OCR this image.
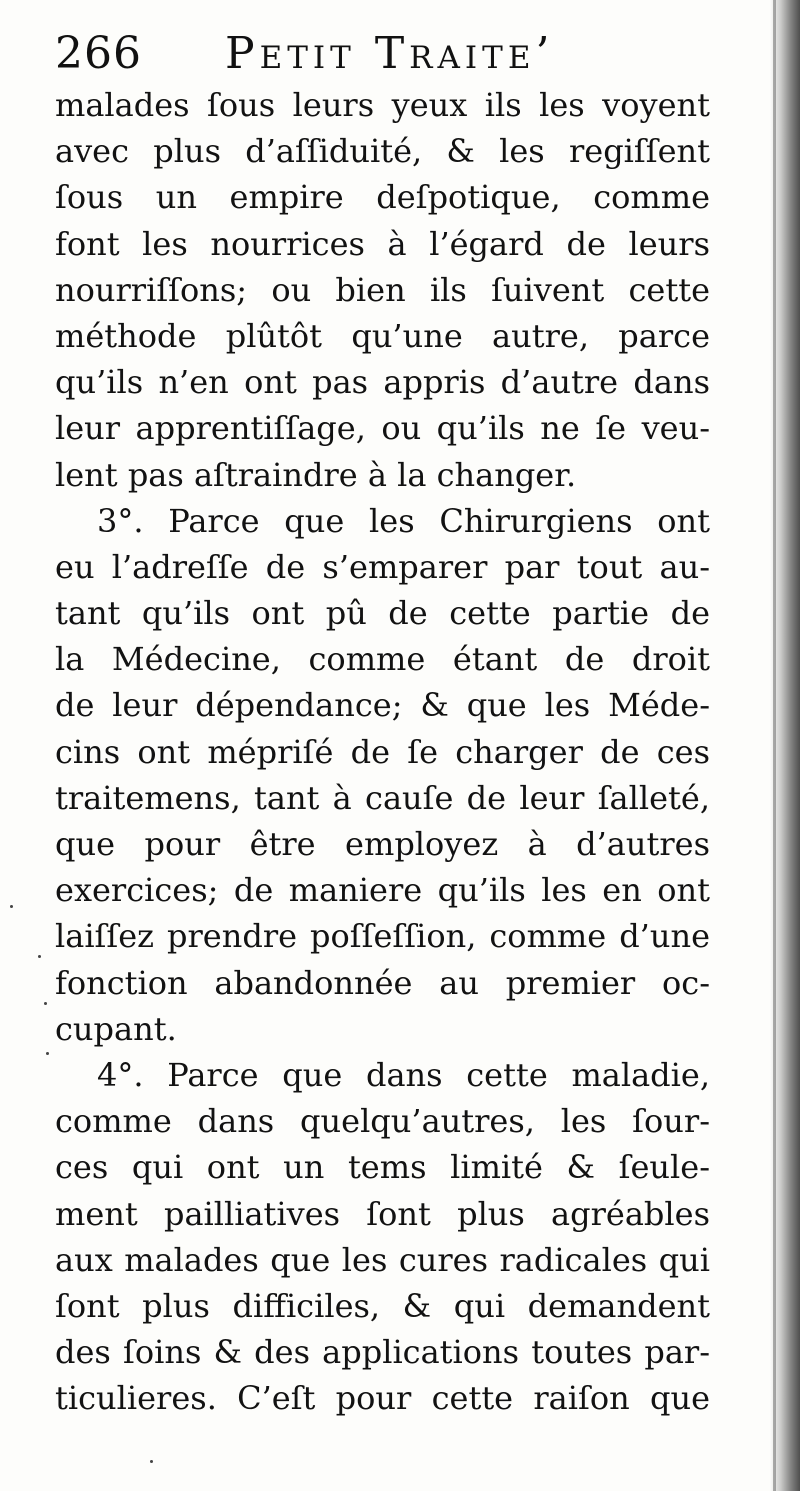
266 Petit Traite’
malades ſous leurs yeux ils les voyent
avec plus d’aſſiduité, & les regiſſent
ſous un empire deſpotique, comme
font les nourrices à l’égard de leurs
nourriſſons; ou bien ils ſuivent cette
méthode plûtôt qu’une autre, parce
qu’ils n’en ont pas appris d’autre dans
leur apprentiſſage, ou qu’ils ne ſe veu-
lent pas aſtraindre à la changer.
3°. Parce que les Chirurgiens ont
eu l’adreſſe de s’emparer par tout au-
tant qu’ils ont pû de cette partie de
la Médecine, comme étant de droit
de leur dépendance; & que les Méde-
cins ont mépriſé de ſe charger de ces
traitemens, tant à cauſe de leur ſalleté,
que pour être employez à d’autres
exercices; de maniere qu’ils les en ont
laiſſez prendre poſſeſſion, comme d’une
fonction abandonnée au premier oc-
cupant.
4°. Parce que dans cette maladie,
comme dans quelqu’autres, les ſour-
ces qui ont un tems limité & ſeule-
ment pailliatives ſont plus agréables
aux malades que les cures radicales qui
ſont plus difficiles, & qui demandent
des ſoins & des applications toutes par-
ticulieres. C’eſt pour cette raiſon que
